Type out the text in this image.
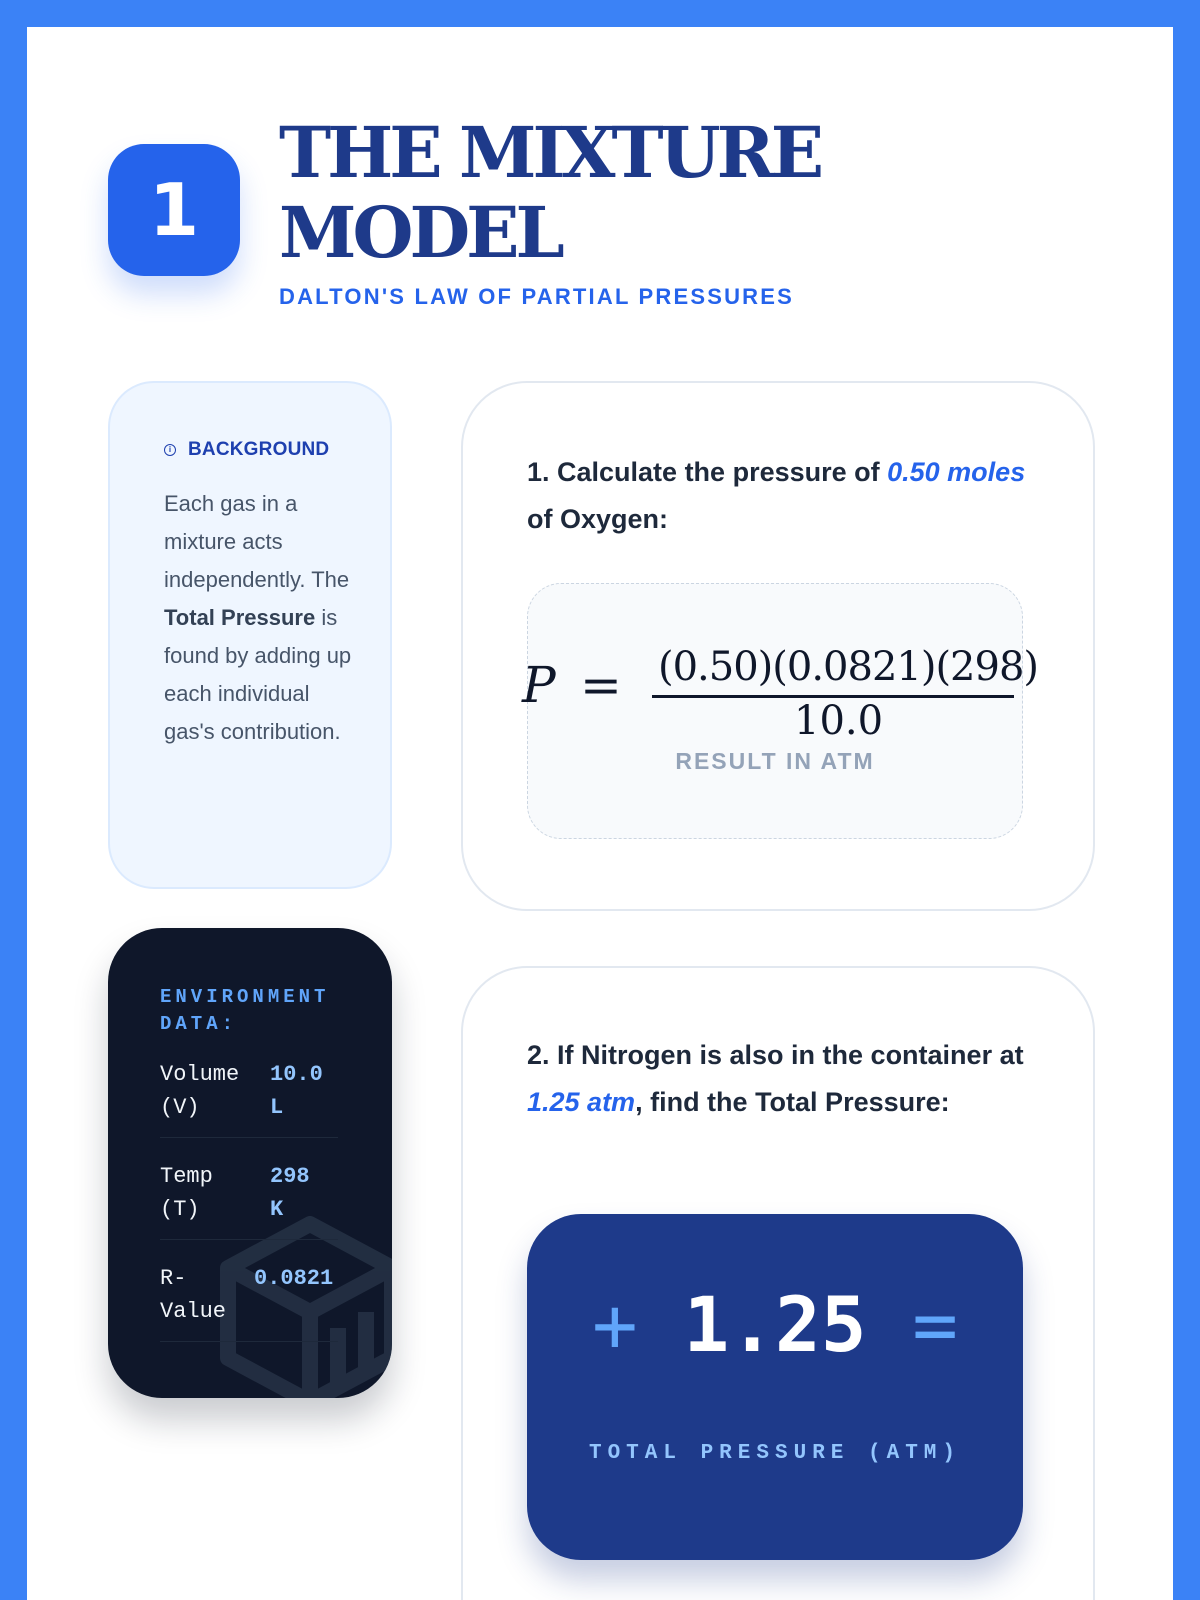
1
THE MIXTURE MODEL
DALTON'S LAW OF PARTIAL PRESSURES
i BACKGROUND

Each gas in a mixture acts independently. The Total Pressure is found by adding up each individual gas's contribution.

1. Calculate the pressure of 0.50 moles of Oxygen:

P = (0.50)(0.0821)(298)
10.0
RESULT IN ATM
ENVIRONMENT DATA:
Volume (V)
10.0 L
Temp (T)
298 K
R-Value
0.0821

2. If Nitrogen is also in the container at 1.25 atm, find the Total Pressure:

+ 1.25 =
TOTAL PRESSURE (ATM)
